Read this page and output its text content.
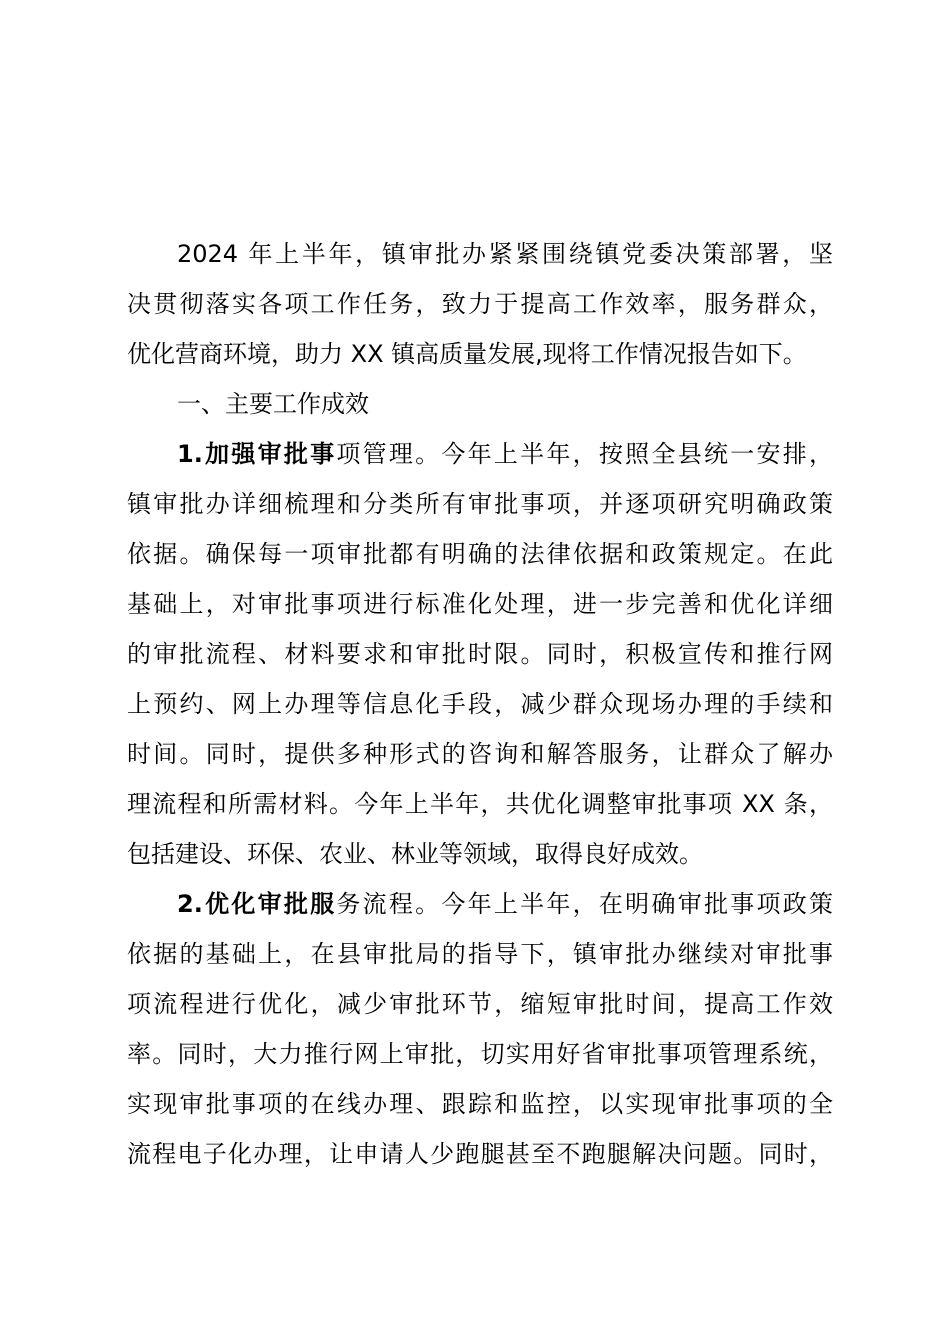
2024 年上半年，镇审批办紧紧围绕镇党委决策部署，坚
决贯彻落实各项工作任务，致力于提高工作效率，服务群众，
优化营商环境，助力 XX 镇高质量发展,现将工作情况报告如下。
一、主要工作成效
1.加强审批事项管理。今年上半年，按照全县统一安排，
镇审批办详细梳理和分类所有审批事项，并逐项研究明确政策
依据。确保每一项审批都有明确的法律依据和政策规定。在此
基础上，对审批事项进行标准化处理，进一步完善和优化详细
的审批流程、材料要求和审批时限。同时，积极宣传和推行网
上预约、网上办理等信息化手段，减少群众现场办理的手续和
时间。同时，提供多种形式的咨询和解答服务，让群众了解办
理流程和所需材料。今年上半年，共优化调整审批事项 XX 条，
包括建设、环保、农业、林业等领域，取得良好成效。
2.优化审批服务流程。今年上半年，在明确审批事项政策
依据的基础上，在县审批局的指导下，镇审批办继续对审批事
项流程进行优化，减少审批环节，缩短审批时间，提高工作效
率。同时，大力推行网上审批，切实用好省审批事项管理系统，
实现审批事项的在线办理、跟踪和监控，以实现审批事项的全
流程电子化办理，让申请人少跑腿甚至不跑腿解决问题。同时，
